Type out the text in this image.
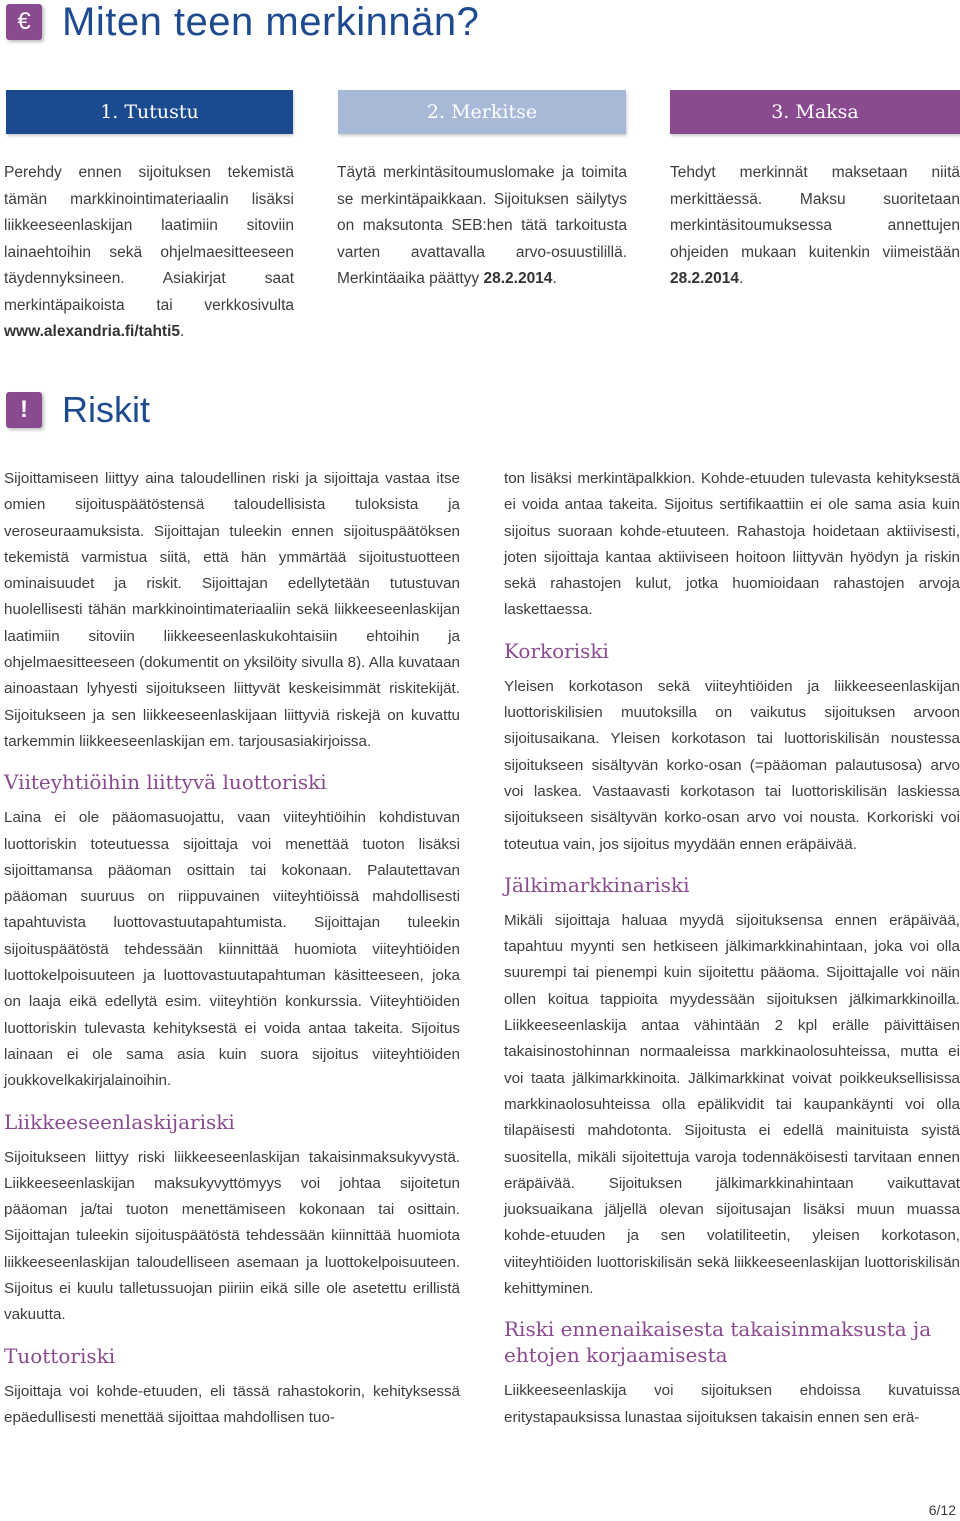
€ Miten teen merkinnän?
1. Tutustu	2. Merkitse	3. Maksa

Perehdy ennen sijoituksen tekemistä tämän markkinointimateriaalin lisäksi liikkeeseenlaskijan laatimiin sitoviin lainaehtoihin sekä ohjelmaesitteeseen täydennyksineen. Asiakirjat saat merkintäpaikoista tai verkkosivulta www.alexandria.fi/tahti5.

Täytä merkintäsitoumuslomake ja toimita se merkintäpaikkaan. Sijoituksen säilytys on maksutonta SEB:hen tätä tarkoitusta varten avattavalla arvo-osuustilillä. Merkintäaika päättyy 28.2.2014.

Tehdyt merkinnät maksetaan niitä merkittäessä. Maksu suoritetaan merkintäsitoumuksessa annettujen ohjeiden mukaan kuitenkin viimeistään 28.2.2014.

! Riskit

Sijoittamiseen liittyy aina taloudellinen riski ja sijoittaja vastaa itse omien sijoituspäätöstensä taloudellisista tuloksista ja veroseuraamuksista. Sijoittajan tuleekin ennen sijoituspäätöksen tekemistä varmistua siitä, että hän ymmärtää sijoitustuotteen ominaisuudet ja riskit. Sijoittajan edellytetään tutustuvan huolellisesti tähän markkinointimateriaaliin sekä liikkeeseenlaskijan laatimiin sitoviin liikkeeseenlaskukohtaisiin ehtoihin ja ohjelmaesitteeseen (dokumentit on yksilöity sivulla 8). Alla kuvataan ainoastaan lyhyesti sijoitukseen liittyvät keskeisimmät riskitekijät. Sijoitukseen ja sen liikkeeseenlaskijaan liittyviä riskejä on kuvattu tarkemmin liikkeeseenlaskijan em. tarjousasiakirjoissa.

Viiteyhtiöihin liittyvä luottoriski

Laina ei ole pääomasuojattu, vaan viiteyhtiöihin kohdistuvan luottoriskin toteutuessa sijoittaja voi menettää tuoton lisäksi sijoittamansa pääoman osittain tai kokonaan. Palautettavan pääoman suuruus on riippuvainen viiteyhtiöissä mahdollisesti tapahtuvista luottovastuutapahtumista. Sijoittajan tuleekin sijoituspäätöstä tehdessään kiinnittää huomiota viiteyhtiöiden luottokelpoisuuteen ja luottovastuutapahtuman käsitteeseen, joka on laaja eikä edellytä esim. viiteyhtiön konkurssia. Viiteyhtiöiden luottoriskin tulevasta kehityksestä ei voida antaa takeita. Sijoitus lainaan ei ole sama asia kuin suora sijoitus viiteyhtiöiden joukkovelkakirjalainoihin.

Liikkeeseenlaskijariski

Sijoitukseen liittyy riski liikkeeseenlaskijan takaisinmaksukyvystä. Liikkeeseenlaskijan maksukyvyttömyys voi johtaa sijoitetun pääoman ja/tai tuoton menettämiseen kokonaan tai osittain. Sijoittajan tuleekin sijoituspäätöstä tehdessään kiinnittää huomiota liikkeeseenlaskijan taloudelliseen asemaan ja luottokelpoisuuteen. Sijoitus ei kuulu talletussuojan piiriin eikä sille ole asetettu erillistä vakuutta.

Tuottoriski

Sijoittaja voi kohde-etuuden, eli tässä rahastokorin, kehityksessä epäedullisesti menettää sijoittaa mahdollisen tuo-

ton lisäksi merkintäpalkkion. Kohde-etuuden tulevasta kehityksestä ei voida antaa takeita. Sijoitus sertifikaattiin ei ole sama asia kuin sijoitus suoraan kohde-etuuteen. Rahastoja hoidetaan aktiivisesti, joten sijoittaja kantaa aktiiviseen hoitoon liittyvän hyödyn ja riskin sekä rahastojen kulut, jotka huomioidaan rahastojen arvoja laskettaessa.

Korkoriski

Yleisen korkotason sekä viiteyhtiöiden ja liikkeeseenlaskijan luottoriskilisien muutoksilla on vaikutus sijoituksen arvoon sijoitusaikana. Yleisen korkotason tai luottoriskilisän noustessa sijoitukseen sisältyvän korko-osan (=pääoman palautusosa) arvo voi laskea. Vastaavasti korkotason tai luottoriskilisän laskiessa sijoitukseen sisältyvän korko-osan arvo voi nousta. Korkoriski voi toteutua vain, jos sijoitus myydään ennen eräpäivää.

Jälkimarkkinariski

Mikäli sijoittaja haluaa myydä sijoituksensa ennen eräpäivää, tapahtuu myynti sen hetkiseen jälkimarkkinahintaan, joka voi olla suurempi tai pienempi kuin sijoitettu pääoma. Sijoittajalle voi näin ollen koitua tappioita myydessään sijoituksen jälkimarkkinoilla. Liikkeeseenlaskija antaa vähintään 2 kpl erälle päivittäisen takaisinostohinnan normaaleissa markkinaolosuhteissa, mutta ei voi taata jälkimarkkinoita. Jälkimarkkinat voivat poikkeuksellisissa markkinaolosuhteissa olla epälikvidit tai kaupankäynti voi olla tilapäisesti mahdotonta. Sijoitusta ei edellä mainituista syistä suositella, mikäli sijoitettuja varoja todennäköisesti tarvitaan ennen eräpäivää. Sijoituksen jälkimarkkinahintaan vaikuttavat juoksuaikana jäljellä olevan sijoitusajan lisäksi muun muassa kohde-etuuden ja sen volatiliteetin, yleisen korkotason, viiteyhtiöiden luottoriskilisän sekä liikkeeseenlaskijan luottoriskilisän kehittyminen.

Riski ennenaikaisesta takaisinmaksusta ja ehtojen korjaamisesta

Liikkeeseenlaskija voi sijoituksen ehdoissa kuvatuissa eritystapauksissa lunastaa sijoituksen takaisin ennen sen erä-

6/12
